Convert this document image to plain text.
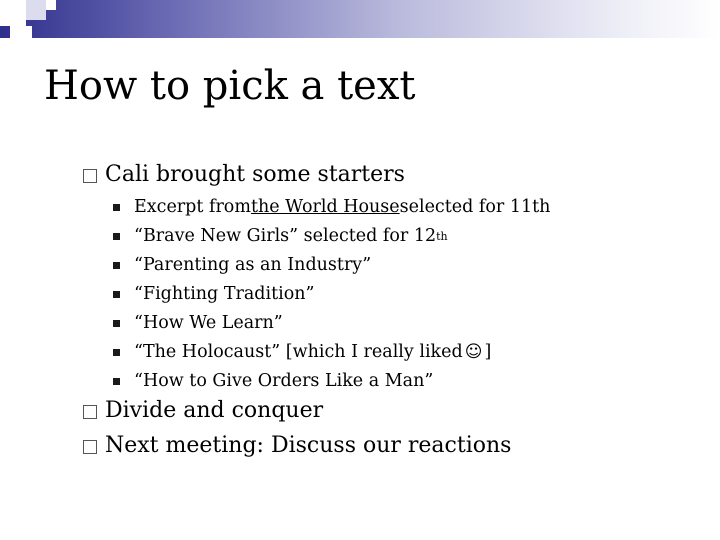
How to pick a text
Cali brought some starters
Excerpt from the World House selected for 11th
“Brave New Girls” selected for 12 th
“Parenting as an Industry”
“Fighting Tradition”
“How We Learn”
“The Holocaust” [which I really liked ☺ ]
“How to Give Orders Like a Man”
Divide and conquer
Next meeting: Discuss our reactions
